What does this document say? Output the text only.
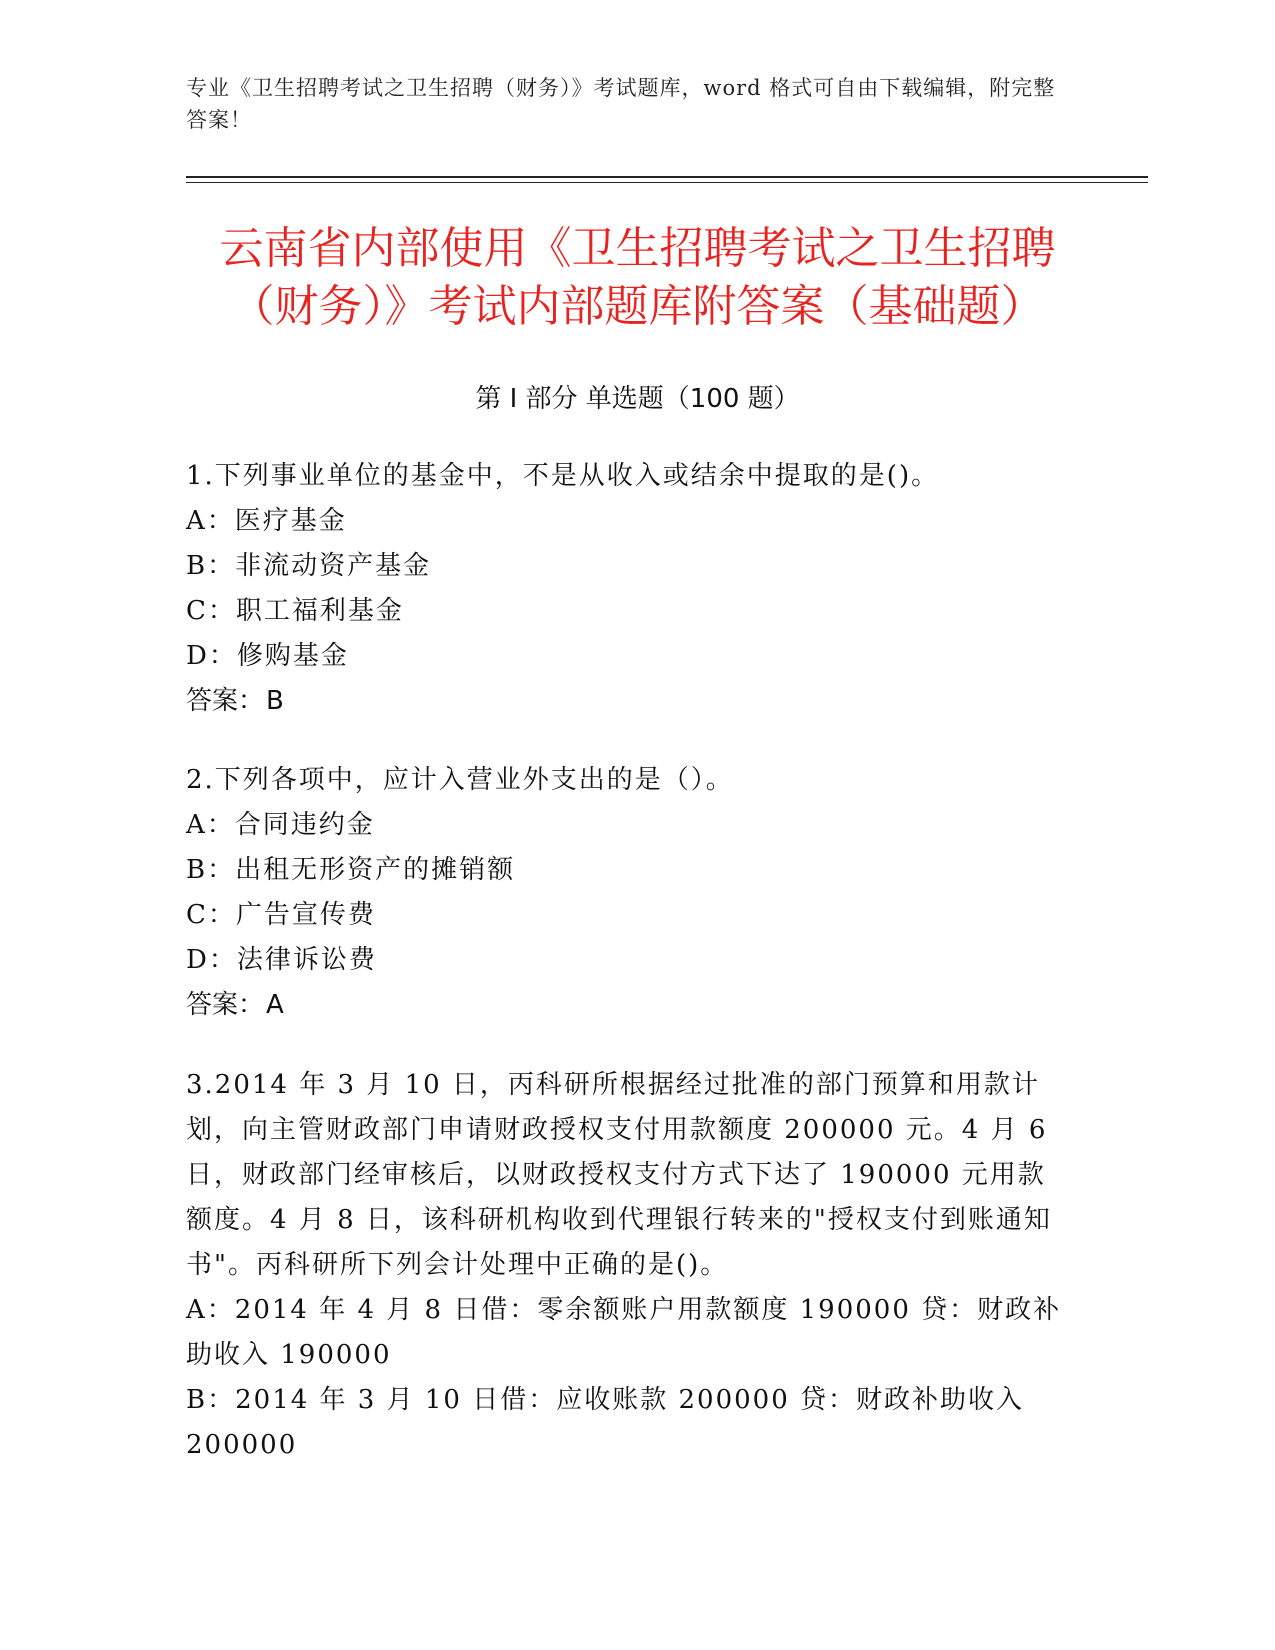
专业《卫生招聘考试之卫生招聘（财务）》考试题库，word 格式可自由下载编辑，附完整答案！
云南省内部使用《卫生招聘考试之卫生招聘
（财务）》考试内部题库附答案（基础题）
第 I 部分 单选题（100 题）

1.下列事业单位的基金中，不是从收入或结余中提取的是()。

A：医疗基金

B：非流动资产基金

C：职工福利基金

D：修购基金

答案：B

2.下列各项中，应计入营业外支出的是（）。

A：合同违约金

B：出租无形资产的摊销额

C：广告宣传费

D：法律诉讼费

答案：A

3.2014 年 3 月 10 日，丙科研所根据经过批准的部门预算和用款计划，向主管财政部门申请财政授权支付用款额度 200000 元。4 月 6 日，财政部门经审核后，以财政授权支付方式下达了 190000 元用款额度。4 月 8 日，该科研机构收到代理银行转来的"授权支付到账通知书"。丙科研所下列会计处理中正确的是()。

A：2014 年 4 月 8 日借：零余额账户用款额度 190000 贷：财政补助收入 190000

B：2014 年 3 月 10 日借：应收账款 200000 贷：财政补助收入 200000
